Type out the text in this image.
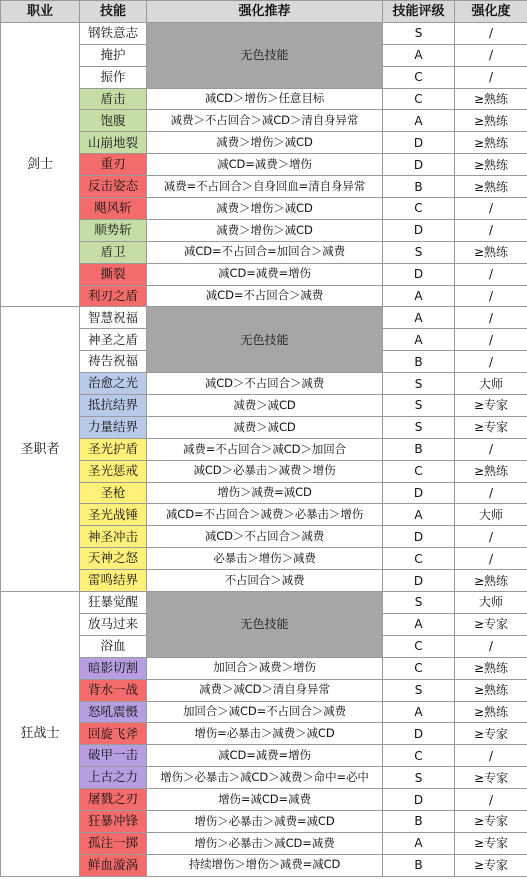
职业	技能	强化推荐	技能评级	强化度
剑士	钢铁意志	无色技能	S	/
	掩护		A	/
	振作		C	/
	盾击	减CD＞增伤＞任意目标	C	≥熟练
	饱腹	减费＞不占回合＞减CD＞清自身异常	A	≥熟练
	山崩地裂	减费＞增伤＞减CD	D	≥熟练
	重刃	减CD=减费＞增伤	D	≥熟练
	反击姿态	减费=不占回合＞自身回血=清自身异常	B	≥熟练
	飓风斩	减费＞增伤＞减CD	C	/
	顺势斩	减费＞增伤＞减CD	D	/
	盾卫	减CD=不占回合=加回合＞减费	S	≥熟练
	撕裂	减CD=减费=增伤	D	/
	利刃之盾	减CD=不占回合＞减费	A	/
圣职者	智慧祝福	无色技能	A	/
	神圣之盾		A	/
	祷告祝福		B	/
	治愈之光	减CD＞不占回合＞减费	S	大师
	抵抗结界	减费＞减CD	S	≥专家
	力量结界	减费＞减CD	S	≥专家
	圣光护盾	减费=不占回合＞减CD＞加回合	B	/
	圣光惩戒	减CD＞必暴击＞减费＞增伤	C	≥熟练
	圣枪	增伤＞减费=减CD	D	/
	圣光战锤	减CD=不占回合＞减费＞必暴击＞增伤	A	大师
	神圣冲击	减CD＞不占回合＞减费	D	/
	天神之怒	必暴击＞增伤＞减费	C	/
	雷鸣结界	不占回合＞减费	D	≥熟练
狂战士	狂暴觉醒	无色技能	S	大师
	放马过来		A	≥专家
	浴血		C	/
	暗影切割	加回合＞减费＞增伤	C	≥熟练
	背水一战	减费＞减CD＞清自身异常	S	≥熟练
	怒吼震慑	加回合＞减CD=不占回合＞减费	A	≥熟练
	回旋飞斧	增伤=必暴击＞减费＞减CD	D	≥专家
	破甲一击	减CD=减费=增伤	C	/
	上古之力	增伤＞必暴击＞减CD＞减费＞命中=必中	S	≥专家
	屠戮之刃	增伤=减CD=减费	D	/
	狂暴冲锋	增伤＞必暴击＞减费=减CD	B	≥专家
	孤注一掷	增伤＞必暴击＞减CD=减费	A	≥专家
	鲜血漩涡	持续增伤＞增伤＞减费=减CD	B	≥专家
